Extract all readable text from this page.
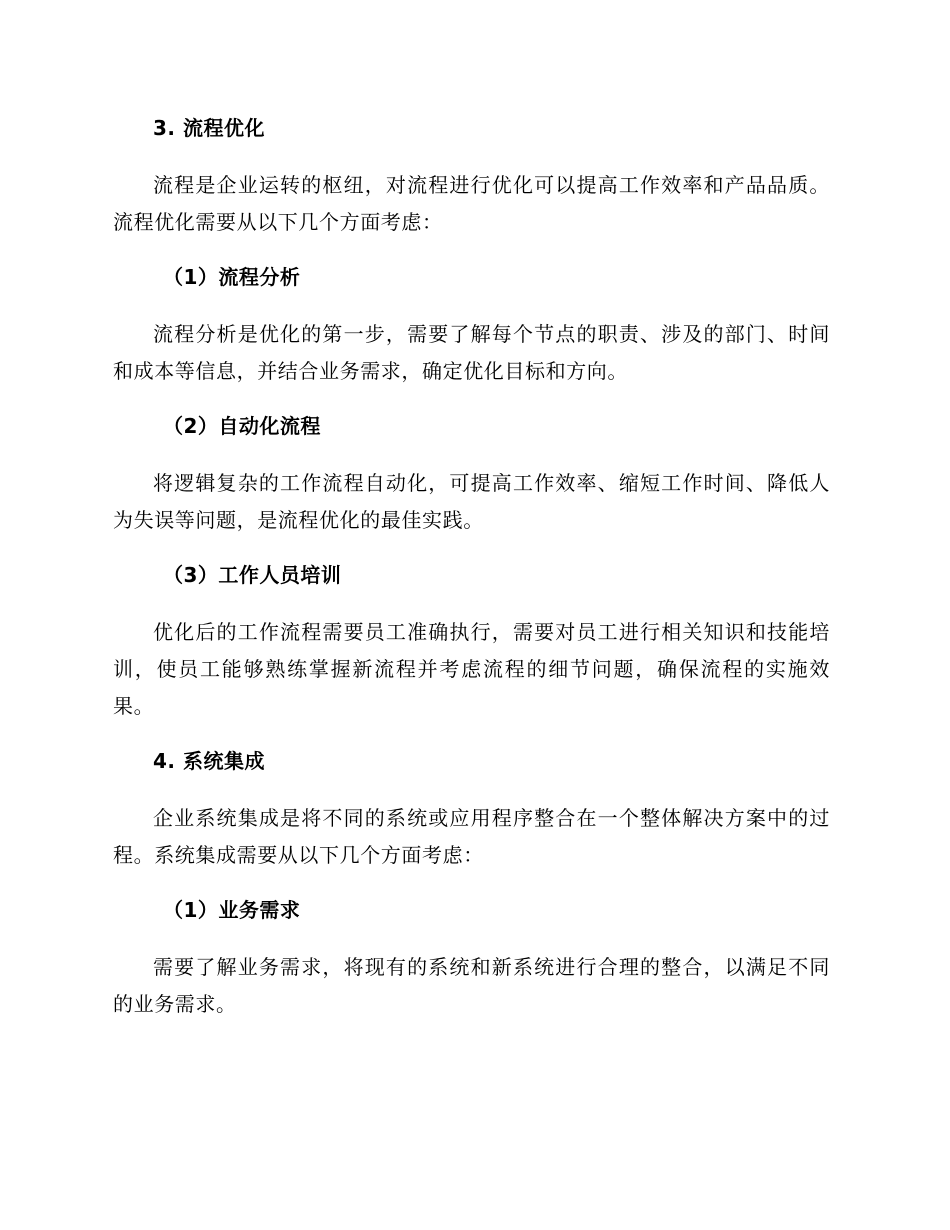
3. 流程优化

流程是企业运转的枢纽，对流程进行优化可以提高工作效率和产品品质。流程优化需要从以下几个方面考虑：

（1）流程分析

流程分析是优化的第一步，需要了解每个节点的职责、涉及的部门、时间和成本等信息，并结合业务需求，确定优化目标和方向。

（2）自动化流程

将逻辑复杂的工作流程自动化，可提高工作效率、缩短工作时间、降低人为失误等问题，是流程优化的最佳实践。

（3）工作人员培训

优化后的工作流程需要员工准确执行，需要对员工进行相关知识和技能培训，使员工能够熟练掌握新流程并考虑流程的细节问题，确保流程的实施效果。

4. 系统集成

企业系统集成是将不同的系统或应用程序整合在一个整体解决方案中的过程。系统集成需要从以下几个方面考虑：

（1）业务需求

需要了解业务需求，将现有的系统和新系统进行合理的整合，以满足不同的业务需求。
